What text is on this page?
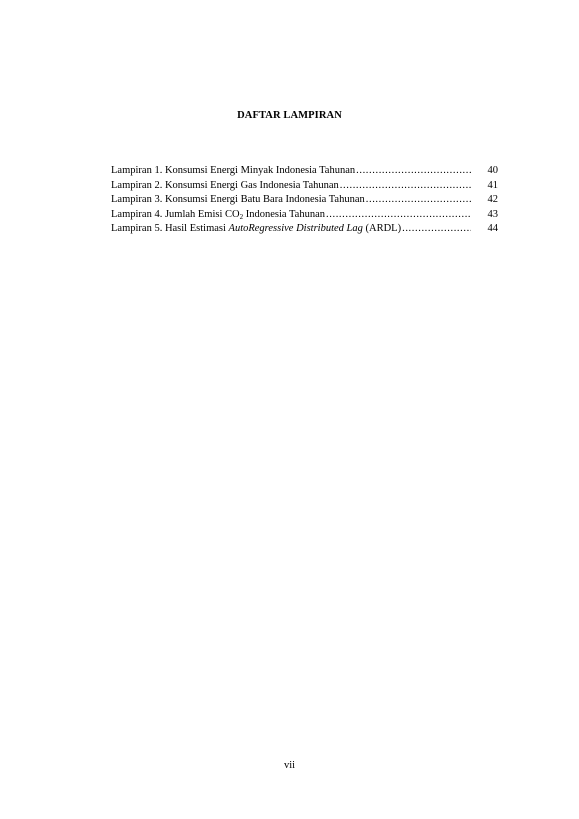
DAFTAR LAMPIRAN
Lampiran 1. Konsumsi Energi Minyak Indonesia Tahunan .....	40
Lampiran 2. Konsumsi Energi Gas Indonesia Tahunan .....	41
Lampiran 3. Konsumsi Energi Batu Bara Indonesia Tahunan .....	42
Lampiran 4. Jumlah Emisi $CO_2$ Indonesia Tahunan .....	43
Lampiran 5. Hasil Estimasi AutoRegressive Distributed Lag (ARDL) .....	44
vii
